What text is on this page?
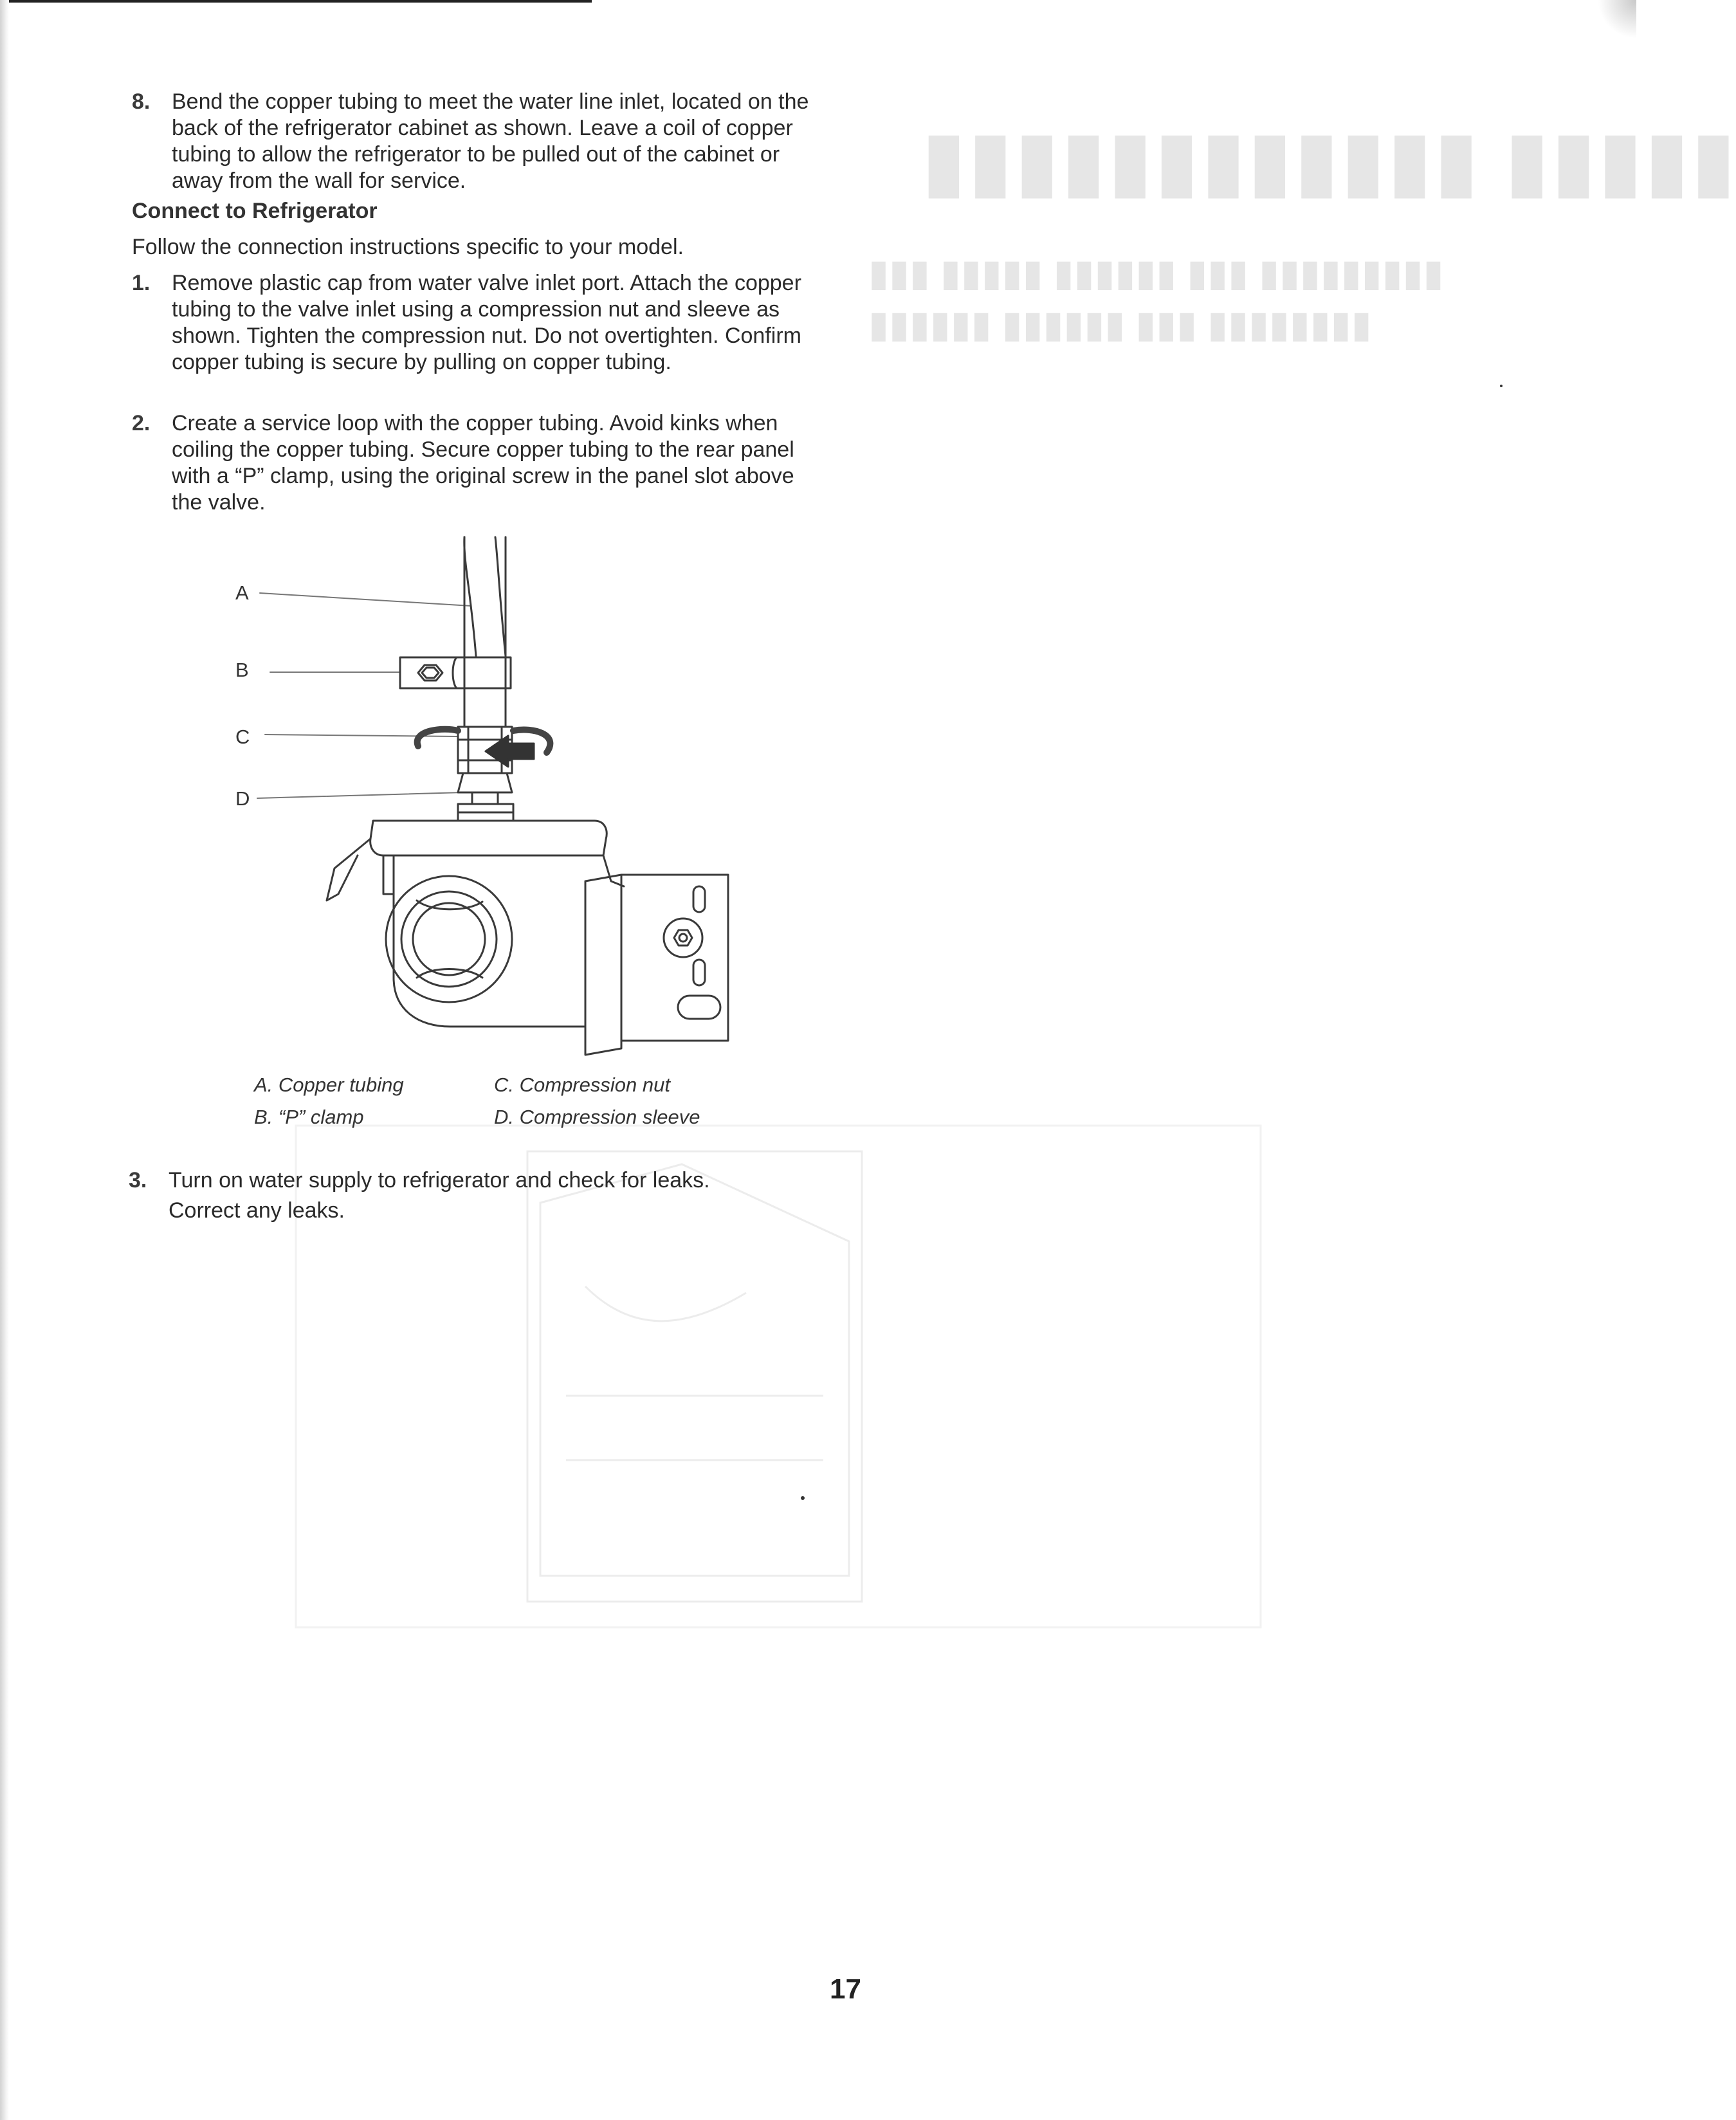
▮▮▮▮▮ ▮▮▮▮▮▮▮▮▮▮▮▮
▮▮▮▮▮▮▮▮▮ ▮▮▮ ▮▮▮▮▮▮ ▮▮▮▮▮ ▮▮▮
▮▮▮▮▮▮▮▮ ▮▮▮ ▮▮▮▮▮▮ ▮▮▮▮▮▮
8. Bend the copper tubing to meet the water line inlet, located on the back of the refrigerator cabinet as shown. Leave a coil of copper tubing to allow the refrigerator to be pulled out of the cabinet or away from the wall for service.
Connect to Refrigerator
Follow the connection instructions specific to your model.
1. Remove plastic cap from water valve inlet port. Attach the copper tubing to the valve inlet using a compression nut and sleeve as shown. Tighten the compression nut. Do not overtighten. Confirm copper tubing is secure by pulling on copper tubing.
2. Create a service loop with the copper tubing. Avoid kinks when coiling the copper tubing. Secure copper tubing to the rear panel with a “P” clamp, using the original screw in the panel slot above the valve.
A
B
C
D
A. Copper tubing
B. “P” clamp
C. Compression nut
D. Compression sleeve
3. Turn on water supply to refrigerator and check for leaks. Correct any leaks.
17
